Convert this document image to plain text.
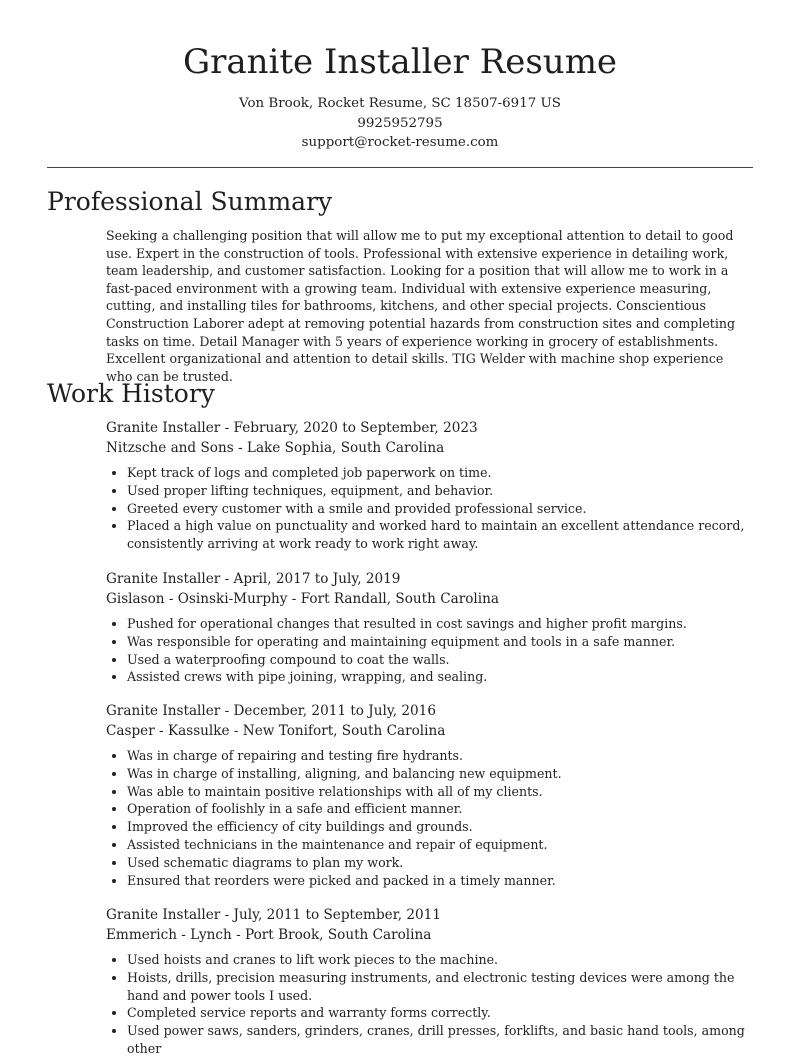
Granite Installer Resume
Von Brook, Rocket Resume, SC 18507-6917 US
9925952795
support@rocket-resume.com
Professional Summary

Seeking a challenging position that will allow me to put my exceptional attention to detail to good use. Expert in the construction of tools. Professional with extensive experience in detailing work, team leadership, and customer satisfaction. Looking for a position that will allow me to work in a fast-paced environment with a growing team. Individual with extensive experience measuring, cutting, and installing tiles for bathrooms, kitchens, and other special projects. Conscientious Construction Laborer adept at removing potential hazards from construction sites and completing tasks on time. Detail Manager with 5 years of experience working in grocery of establishments. Excellent organizational and attention to detail skills. TIG Welder with machine shop experience who can be trusted.

Work History
Granite Installer - February, 2020 to September, 2023
Nitzsche and Sons - Lake Sophia, South Carolina
• Kept track of logs and completed job paperwork on time.
• Used proper lifting techniques, equipment, and behavior.
• Greeted every customer with a smile and provided professional service.
• Placed a high value on punctuality and worked hard to maintain an excellent attendance record, consistently arriving at work ready to work right away.
Granite Installer - April, 2017 to July, 2019
Gislason - Osinski-Murphy - Fort Randall, South Carolina
• Pushed for operational changes that resulted in cost savings and higher profit margins.
• Was responsible for operating and maintaining equipment and tools in a safe manner.
• Used a waterproofing compound to coat the walls.
• Assisted crews with pipe joining, wrapping, and sealing.
Granite Installer - December, 2011 to July, 2016
Casper - Kassulke - New Tonifort, South Carolina
• Was in charge of repairing and testing fire hydrants.
• Was in charge of installing, aligning, and balancing new equipment.
• Was able to maintain positive relationships with all of my clients.
• Operation of foolishly in a safe and efficient manner.
• Improved the efficiency of city buildings and grounds.
• Assisted technicians in the maintenance and repair of equipment.
• Used schematic diagrams to plan my work.
• Ensured that reorders were picked and packed in a timely manner.
Granite Installer - July, 2011 to September, 2011
Emmerich - Lynch - Port Brook, South Carolina
• Used hoists and cranes to lift work pieces to the machine.
• Hoists, drills, precision measuring instruments, and electronic testing devices were among the hand and power tools I used.
• Completed service reports and warranty forms correctly.
• Used power saws, sanders, grinders, cranes, drill presses, forklifts, and basic hand tools, among other
